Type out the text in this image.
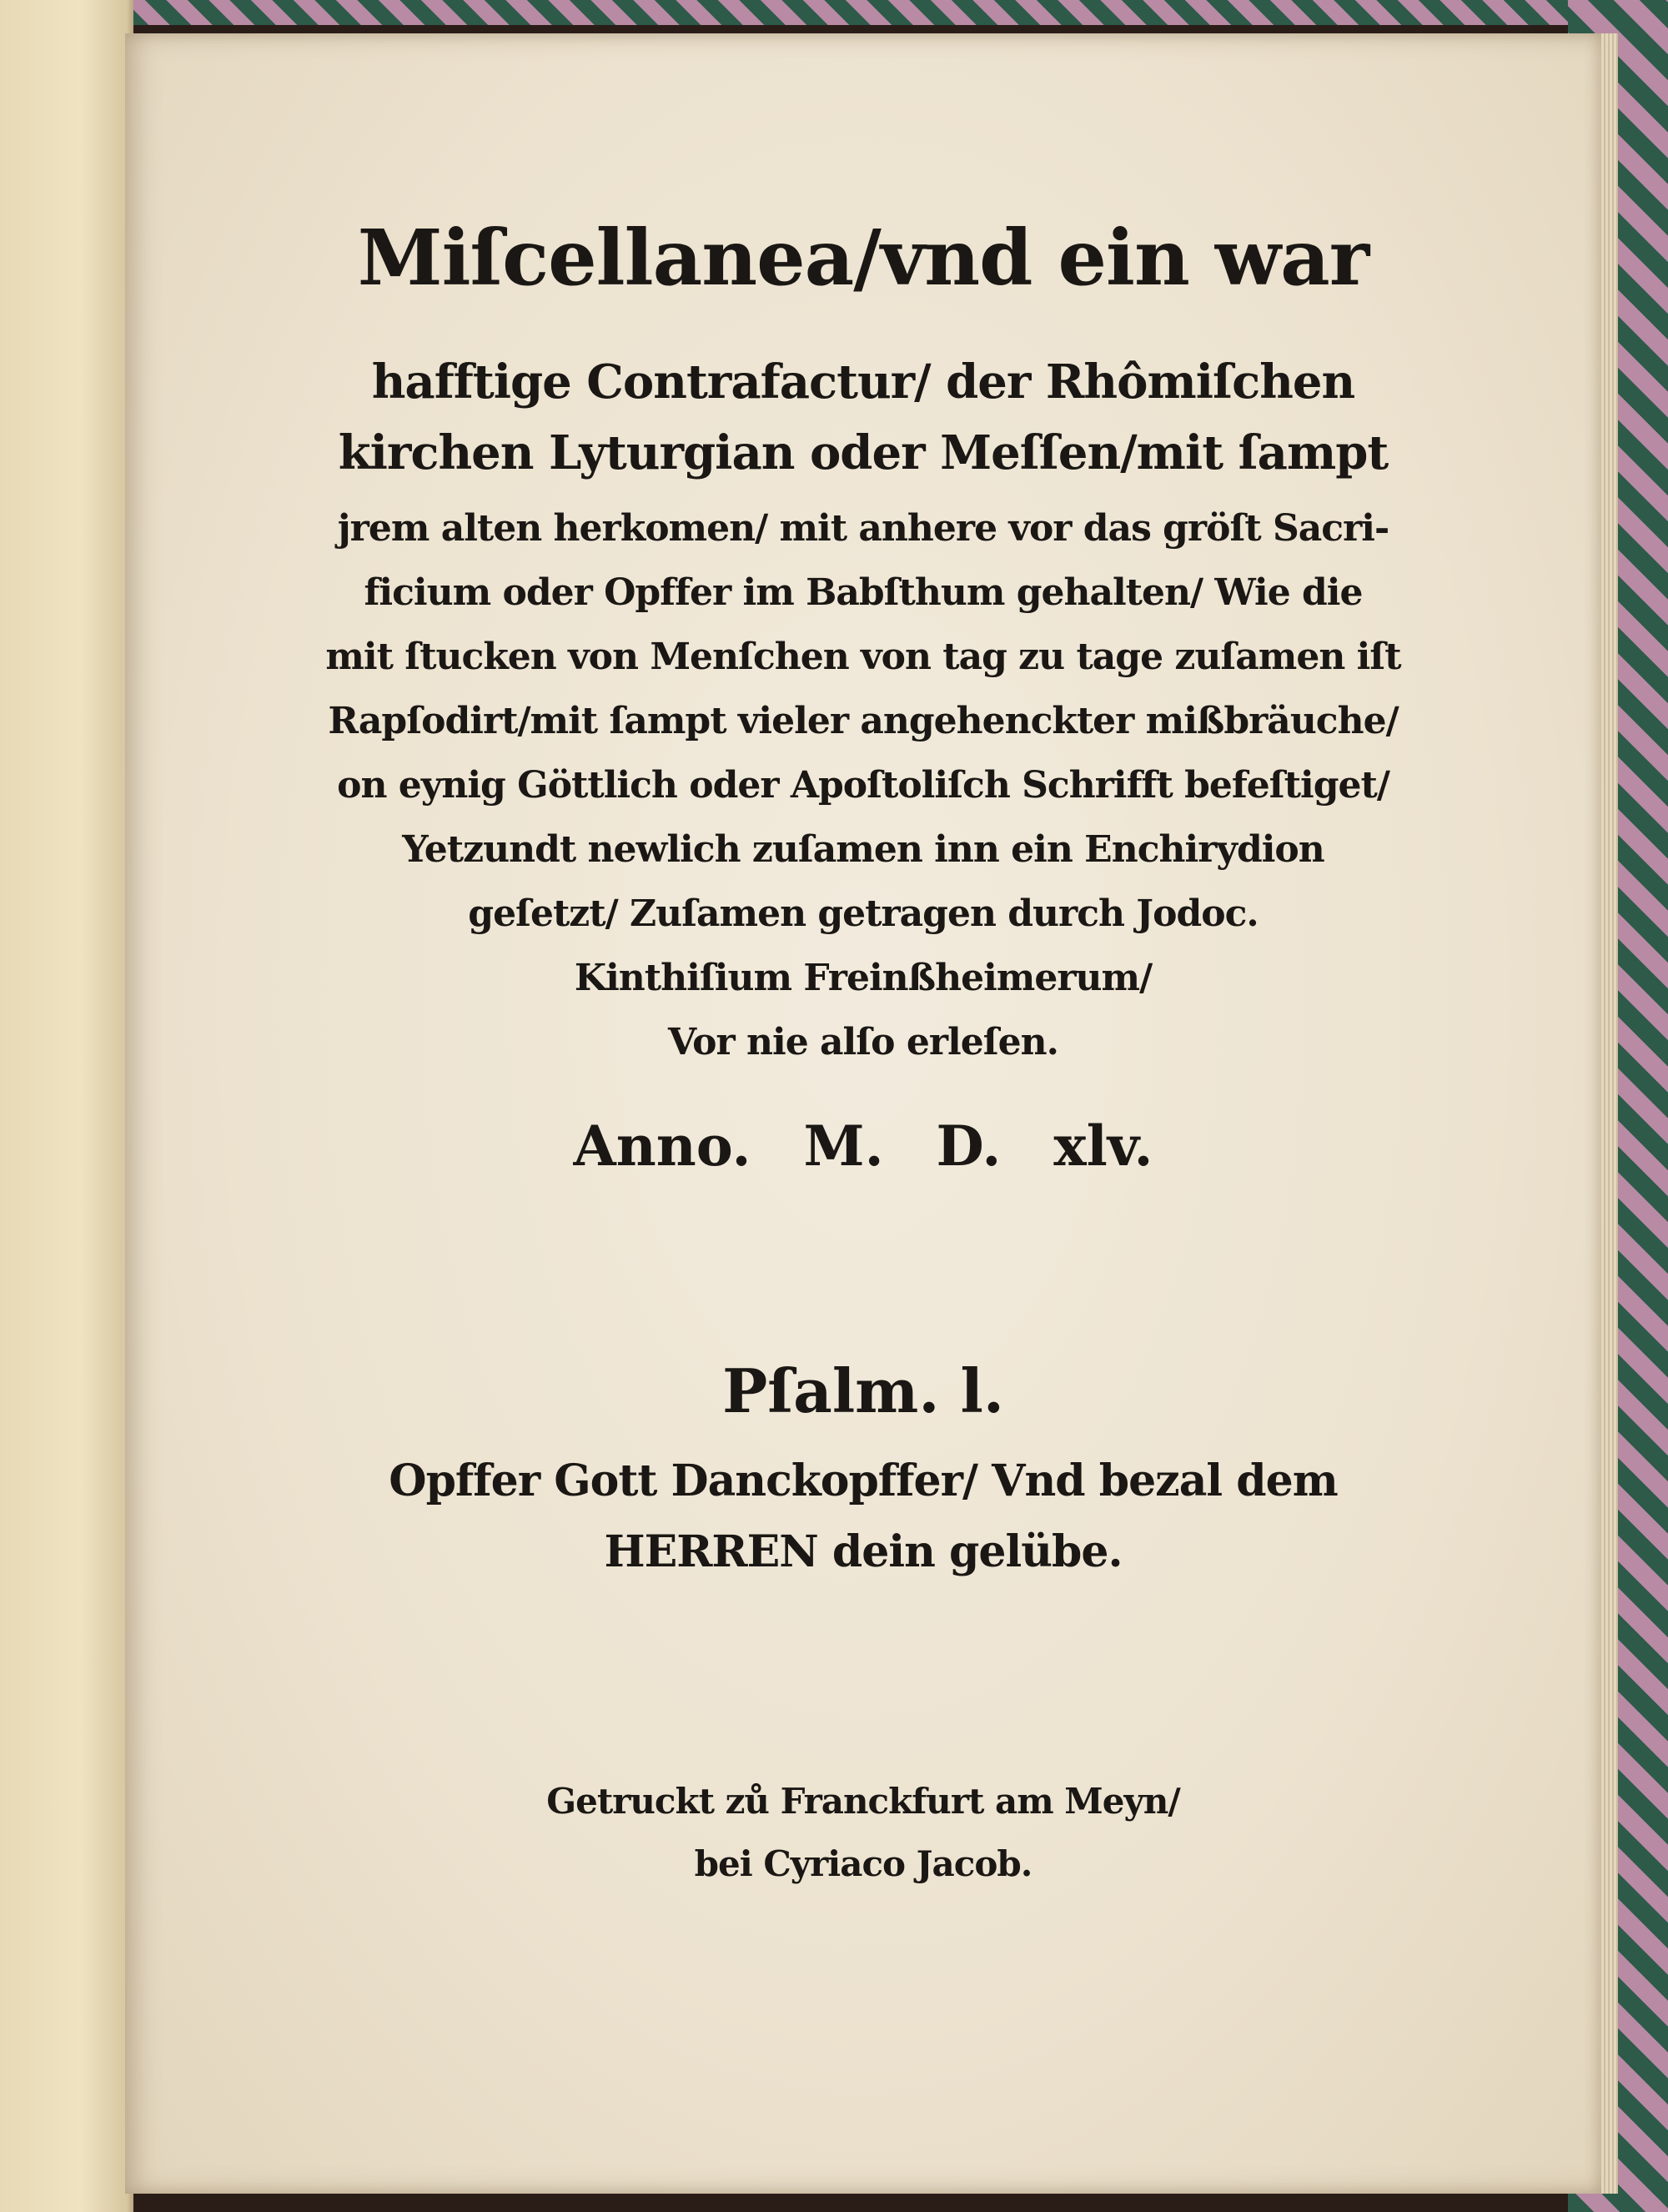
Miſcellanea/vnd ein war
hafftige Contrafactur/ der Rhômiſchen
kirchen Lyturgian oder Meſſen/mit ſampt
jrem alten herkomen/ mit anhere vor das gröſt Sacri-
ficium oder Opffer im Babſthum gehalten/ Wie die
mit ſtucken von Menſchen von tag zu tage zuſamen iſt
Rapſodirt/mit ſampt vieler angehenckter mißbräuche/
on eynig Göttlich oder Apoſtoliſch Schrifft befeſtiget/
Yetzundt newlich zuſamen inn ein Enchirydion
geſetzt/ Zuſamen getragen durch Jodoc.
Kinthiſium Freinßheimerum/
Vor nie alſo erleſen.
Anno. M. D. xlv.
Pſalm. l.
Opffer Gott Danckopffer/ Vnd bezal dem
HERREN dein gelübe.
Getruckt zů Franckfurt am Meyn/
bei Cyriaco Jacob.
